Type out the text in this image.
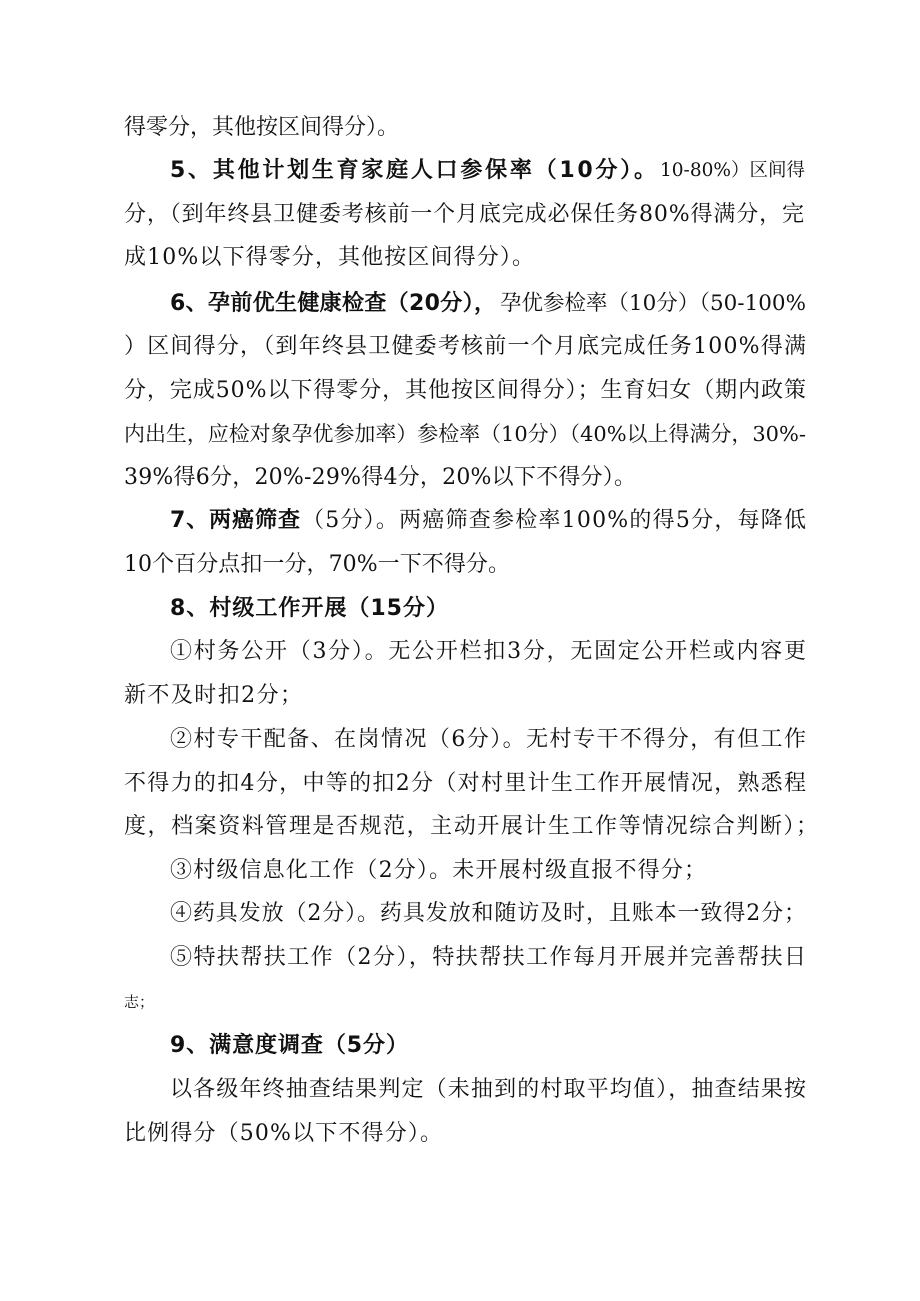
得零分，其他按区间得分）。
5、其他计划生育家庭人口参保率（10分）。 10-80%）区间得
分，（到年终县卫健委考核前一个月底完成必保任务80%得满分，完
成10%以下得零分，其他按区间得分）。
6、孕前优生健康检查（20分）， 孕优参检率（10分）（50-100%
）区间得分，（到年终县卫健委考核前一个月底完成任务100%得满
分，完成50%以下得零分，其他按区间得分）；生育妇女（期内政策
内出生，应检对象孕优参加率）参检率（10分）（40%以上得满分，30%-
39%得6分，20%-29%得4分，20%以下不得分）。
7、两癌筛查 （5分）。两癌筛查参检率100%的得5分，每降低
10个百分点扣一分，70%一下不得分。
8、村级工作开展（15分）
①村务公开（3分）。无公开栏扣3分，无固定公开栏或内容更
新不及时扣2分；
②村专干配备、在岗情况（6分）。无村专干不得分，有但工作
不得力的扣4分，中等的扣2分（对村里计生工作开展情况，熟悉程
度，档案资料管理是否规范，主动开展计生工作等情况综合判断）；
③村级信息化工作（2分）。未开展村级直报不得分；
④药具发放（2分）。药具发放和随访及时，且账本一致得2分；
⑤特扶帮扶工作（2分），特扶帮扶工作每月开展并完善帮扶日
志；
9、满意度调查（5分）
以各级年终抽查结果判定（未抽到的村取平均值），抽查结果按
比例得分（50%以下不得分）。
